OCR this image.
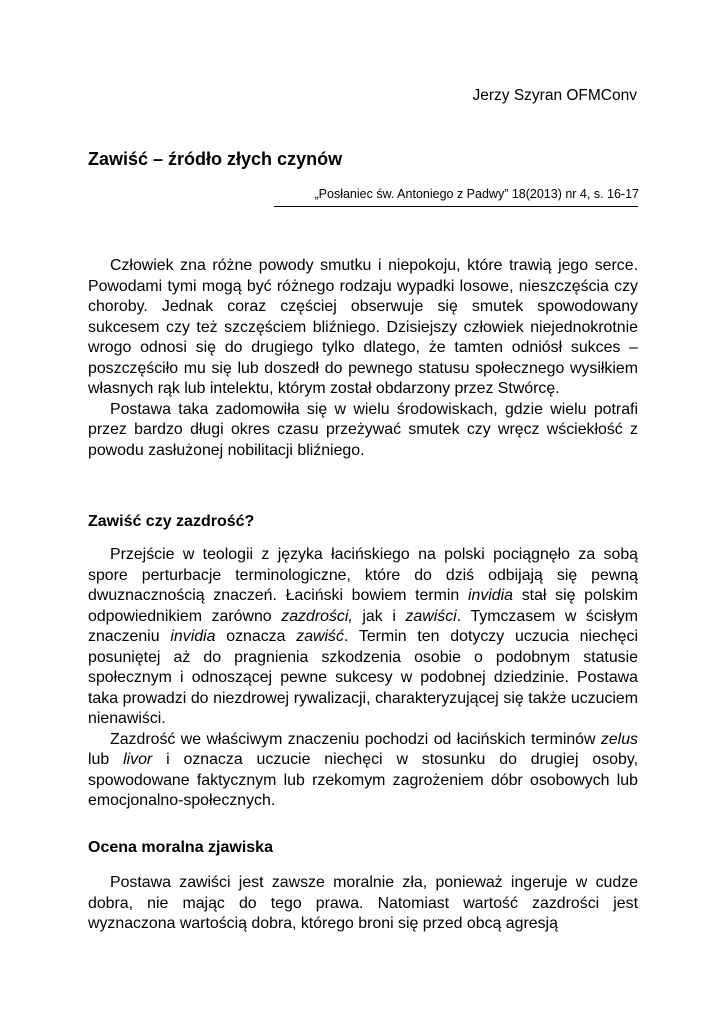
Jerzy Szyran OFMConv
Zawiść – źródło złych czynów
„Posłaniec św. Antoniego z Padwy” 18(2013) nr 4, s. 16-17

Człowiek zna różne powody smutku i niepokoju, które trawią jego serce. Powodami tymi mogą być różnego rodzaju wypadki losowe, nieszczęścia czy choroby. Jednak coraz częściej obserwuje się smutek spowodowany sukcesem czy też szczęściem bliźniego. Dzisiejszy człowiek niejednokrotnie wrogo odnosi się do drugiego tylko dlatego, że tamten odniósł sukces – poszczęściło mu się lub doszedł do pewnego statusu społecznego wysiłkiem własnych rąk lub intelektu, którym został obdarzony przez Stwórcę.

Postawa taka zadomowiła się w wielu środowiskach, gdzie wielu potrafi przez bardzo długi okres czasu przeżywać smutek czy wręcz wściekłość z powodu zasłużonej nobilitacji bliźniego.

Zawiść czy zazdrość?

Przejście w teologii z języka łacińskiego na polski pociągnęło za sobą spore perturbacje terminologiczne, które do dziś odbijają się pewną dwuznacznością znaczeń. Łaciński bowiem termin invidia stał się polskim odpowiednikiem zarówno zazdrości, jak i zawiści. Tymczasem w ścisłym znaczeniu invidia oznacza zawiść. Termin ten dotyczy uczucia niechęci posuniętej aż do pragnienia szkodzenia osobie o podobnym statusie społecznym i odnoszącej pewne sukcesy w podobnej dziedzinie. Postawa taka prowadzi do niezdrowej rywalizacji, charakteryzującej się także uczuciem nienawiści.

Zazdrość we właściwym znaczeniu pochodzi od łacińskich terminów zelus lub livor i oznacza uczucie niechęci w stosunku do drugiej osoby, spowodowane faktycznym lub rzekomym zagrożeniem dóbr osobowych lub emocjonalno-społecznych.

Ocena moralna zjawiska

Postawa zawiści jest zawsze moralnie zła, ponieważ ingeruje w cudze dobra, nie mając do tego prawa. Natomiast wartość zazdrości jest wyznaczona wartością dobra, którego broni się przed obcą agresją
